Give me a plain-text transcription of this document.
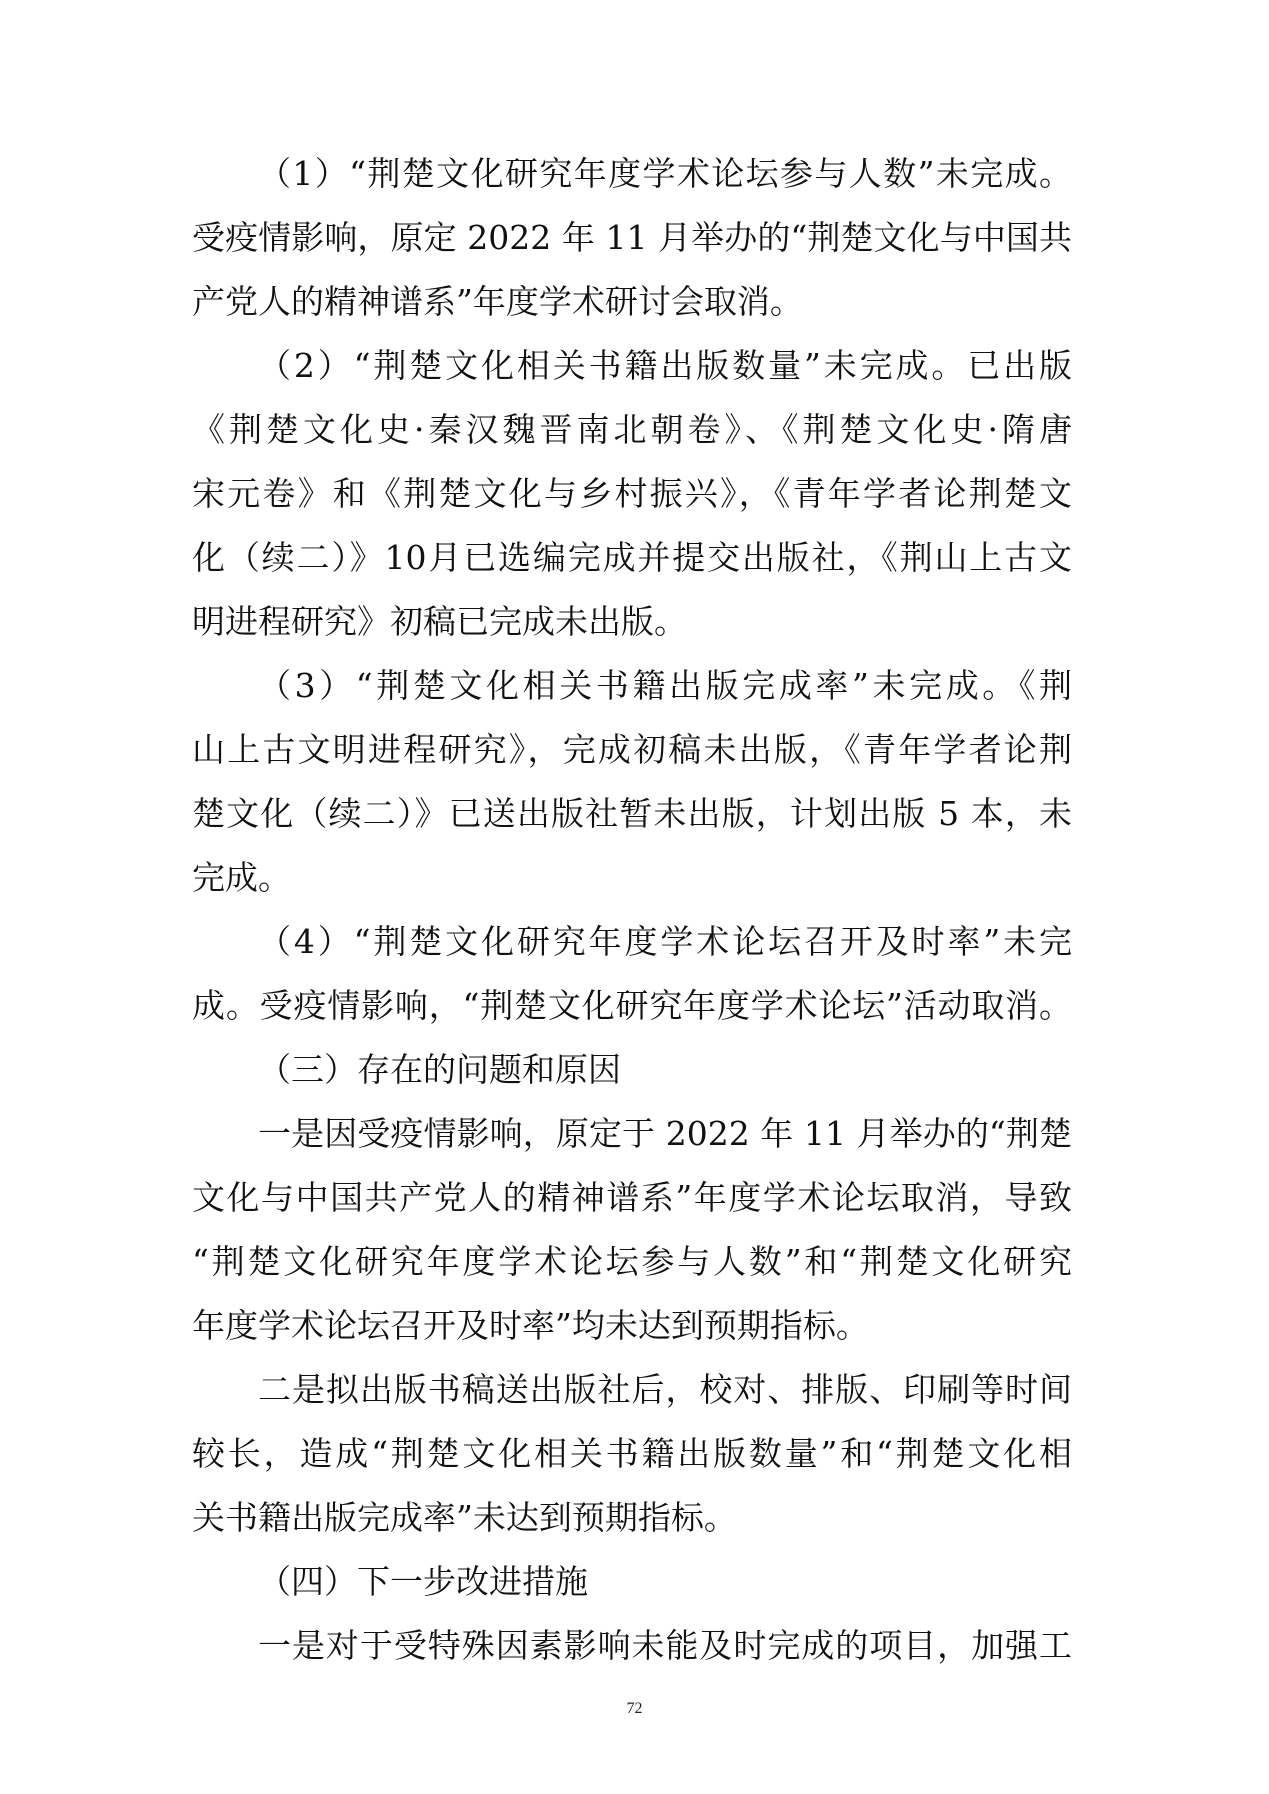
（1）“荆楚文化研究年度学术论坛参与人数”未完成。
受疫情影响，原定 2022 年 11 月举办的“荆楚文化与中国共
产党人的精神谱系”年度学术研讨会取消。
（2）“荆楚文化相关书籍出版数量”未完成。已出版
《荆楚文化史·秦汉魏晋南北朝卷》、《荆楚文化史·隋唐
宋元卷》和《荆楚文化与乡村振兴》，《青年学者论荆楚文
化（续二）》10月已选编完成并提交出版社，《荆山上古文
明进程研究》初稿已完成未出版。
（3）“荆楚文化相关书籍出版完成率”未完成。《荆
山上古文明进程研究》，完成初稿未出版，《青年学者论荆
楚文化（续二）》已送出版社暂未出版，计划出版 5 本，未
完成。
（4）“荆楚文化研究年度学术论坛召开及时率”未完
成。受疫情影响，“荆楚文化研究年度学术论坛”活动取消。
（三）存在的问题和原因
一是因受疫情影响，原定于 2022 年 11 月举办的“荆楚
文化与中国共产党人的精神谱系”年度学术论坛取消，导致
“荆楚文化研究年度学术论坛参与人数”和“荆楚文化研究
年度学术论坛召开及时率”均未达到预期指标。
二是拟出版书稿送出版社后，校对、排版、印刷等时间
较长，造成“荆楚文化相关书籍出版数量”和“荆楚文化相
关书籍出版完成率”未达到预期指标。
（四）下一步改进措施
一是对于受特殊因素影响未能及时完成的项目，加强工
72
